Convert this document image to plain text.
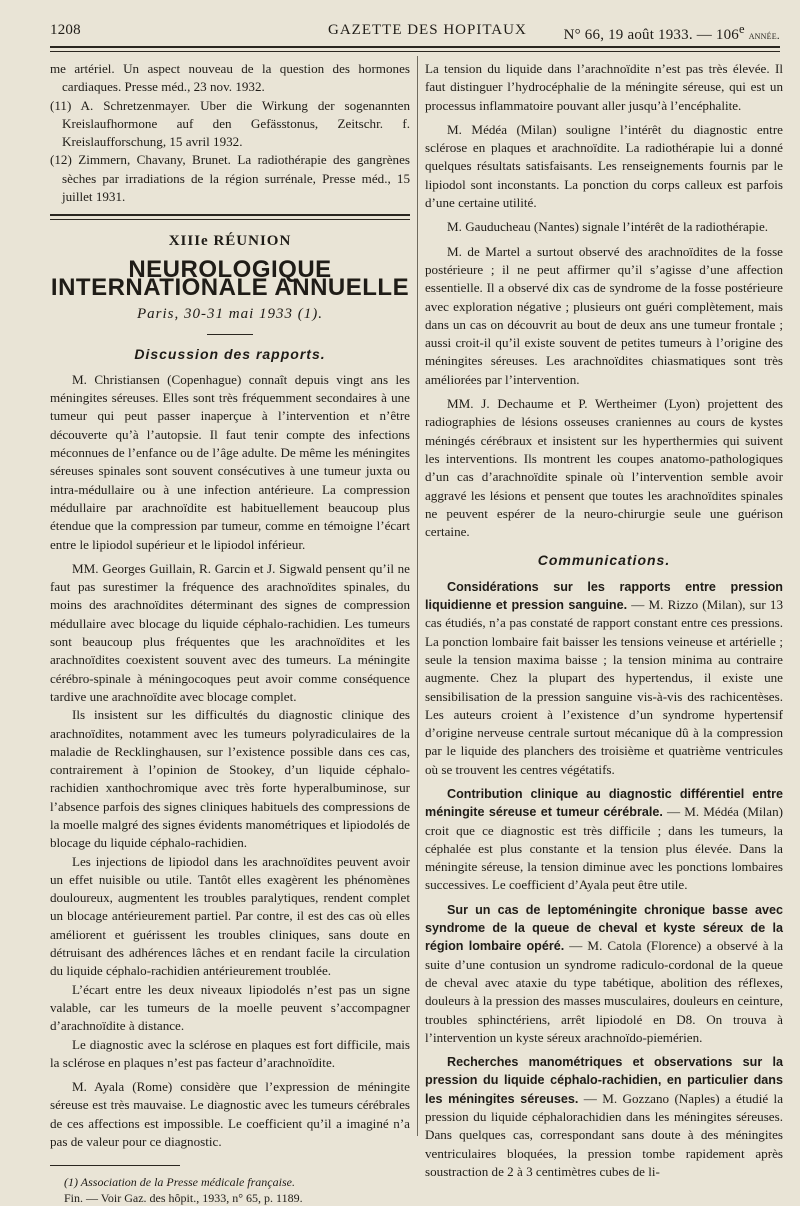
1208	GAZETTE DES HOPITAUX N° 66, 19 août 1933. — 106e année.

me artériel. Un aspect nouveau de la question des hormones cardiaques. Presse méd., 23 nov. 1932.

(11) A. Schretzenmayer. Uber die Wirkung der sogenannten Kreislaufhormone auf den Gefässtonus, Zeitschr. f. Kreislaufforschung, 15 avril 1932.

(12) Zimmern, Chavany, Brunet. La radiothérapie des gangrènes sèches par irradiations de la région surrénale, Presse méd., 15 juillet 1931.

XIIIe RÉUNION
NEUROLOGIQUE INTERNATIONALE ANNUELLE
Paris, 30-31 mai 1933 (1).
Discussion des rapports.

M. Christiansen (Copenhague) connaît depuis vingt ans les méningites séreuses. Elles sont très fréquemment secondaires à une tumeur qui peut passer inaperçue à l’intervention et n’être découverte qu’à l’autopsie. Il faut tenir compte des infections méconnues de l’enfance ou de l’âge adulte. De même les méningites séreuses spinales sont souvent consécutives à une tumeur juxta ou intra-médullaire ou à une infection antérieure. La compression médullaire par arachnoïdite est habituellement beaucoup plus étendue que la compression par tumeur, comme en témoigne l’écart entre le lipiodol supérieur et le lipiodol inférieur.

MM. Georges Guillain, R. Garcin et J. Sigwald pensent qu’il ne faut pas surestimer la fréquence des arachnoïdites spinales, du moins des arachnoïdites déterminant des signes de compression médullaire avec blocage du liquide céphalo-rachidien. Les tumeurs sont beaucoup plus fréquentes que les arachnoïdites et les arachnoïdites coexistent souvent avec des tumeurs. La méningite cérébro-spinale à méningocoques peut avoir comme conséquence tardive une arachnoïdite avec blocage complet.

Ils insistent sur les difficultés du diagnostic clinique des arachnoïdites, notamment avec les tumeurs polyradiculaires de la maladie de Recklinghausen, sur l’existence possible dans ces cas, contrairement à l’opinion de Stookey, d’un liquide céphalo-rachidien xanthochromique avec très forte hyperalbuminose, sur l’absence parfois des signes cliniques habituels des compressions de la moelle malgré des signes évidents manométriques et lipiodolés de blocage du liquide céphalo-rachidien.

Les injections de lipiodol dans les arachnoïdites peuvent avoir un effet nuisible ou utile. Tantôt elles exagèrent les phénomènes douloureux, augmentent les troubles paralytiques, rendent complet un blocage antérieurement partiel. Par contre, il est des cas où elles améliorent et guérissent les troubles cliniques, sans doute en détruisant des adhérences lâches et en rendant facile la circulation du liquide céphalo-rachidien antérieurement troublée.

L’écart entre les deux niveaux lipiodolés n’est pas un signe valable, car les tumeurs de la moelle peuvent s’accompagner d’arachnoïdite à distance.

Le diagnostic avec la sclérose en plaques est fort difficile, mais la sclérose en plaques n’est pas facteur d’arachnoïdite.

M. Ayala (Rome) considère que l’expression de méningite séreuse est très mauvaise. Le diagnostic avec les tumeurs cérébrales de ces affections est impossible. Le coefficient qu’il a imaginé n’a pas de valeur pour ce diagnostic.

(1) Association de la Presse médicale française.

Fin. — Voir Gaz. des hôpit., 1933, n° 65, p. 1189.

La tension du liquide dans l’arachnoïdite n’est pas très élevée. Il faut distinguer l’hydrocéphalie de la méningite séreuse, qui est un processus inflammatoire pouvant aller jusqu’à l’encéphalite.

M. Médéa (Milan) souligne l’intérêt du diagnostic entre sclérose en plaques et arachnoïdite. La radiothérapie lui a donné quelques résultats satisfaisants. Les renseignements fournis par le lipiodol sont inconstants. La ponction du corps calleux est parfois d’une certaine utilité.

M. Gauducheau (Nantes) signale l’intérêt de la radiothérapie.

M. de Martel a surtout observé des arachnoïdites de la fosse postérieure ; il ne peut affirmer qu’il s’agisse d’une affection essentielle. Il a observé dix cas de syndrome de la fosse postérieure avec exploration négative ; plusieurs ont guéri complètement, mais dans un cas on découvrit au bout de deux ans une tumeur frontale ; aussi croit-il qu’il existe souvent de petites tumeurs à l’origine des méningites séreuses. Les arachnoïdites chiasmatiques sont très améliorées par l’intervention.

MM. J. Dechaume et P. Wertheimer (Lyon) projettent des radiographies de lésions osseuses craniennes au cours de kystes méningés cérébraux et insistent sur les hyperthermies qui suivent les interventions. Ils montrent les coupes anatomo-pathologiques d’un cas d’arachnoïdite spinale où l’intervention semble avoir aggravé les lésions et pensent que toutes les arachnoïdites spinales ne peuvent espérer de la neuro-chirurgie seule une guérison certaine.

Communications.

Considérations sur les rapports entre pression liquidienne et pression sanguine. — M. Rizzo (Milan), sur 13 cas étudiés, n’a pas constaté de rapport constant entre ces pressions. La ponction lombaire fait baisser les tensions veineuse et artérielle ; seule la tension maxima baisse ; la tension minima au contraire augmente. Chez la plupart des hypertendus, il existe une sensibilisation de la pression sanguine vis-à-vis des rachicentèses. Les auteurs croient à l’existence d’un syndrome hypertensif d’origine nerveuse centrale surtout mécanique dû à la compression par le liquide des planchers des troisième et quatrième ventricules où se trouvent les centres végétatifs.

Contribution clinique au diagnostic différentiel entre méningite séreuse et tumeur cérébrale. — M. Médéa (Milan) croit que ce diagnostic est très difficile ; dans les tumeurs, la céphalée est plus constante et la tension plus élevée. Dans la méningite séreuse, la tension diminue avec les ponctions lombaires successives. Le coefficient d’Ayala peut être utile.

Sur un cas de leptoméningite chronique basse avec syndrome de la queue de cheval et kyste séreux de la région lombaire opéré. — M. Catola (Florence) a observé à la suite d’une contusion un syndrome radiculo-cordonal de la queue de cheval avec ataxie du type tabétique, abolition des réflexes, douleurs à la pression des masses musculaires, douleurs en ceinture, troubles sphinctériens, arrêt lipiodolé en D8. On trouva à l’intervention un kyste séreux arachnoïdo-piemérien.

Recherches manométriques et observations sur la pression du liquide céphalo-rachidien, en particulier dans les méningites séreuses. — M. Gozzano (Naples) a étudié la pression du liquide céphalorachidien dans les méningites séreuses. Dans quelques cas, correspondant sans doute à des méningites ventriculaires bloquées, la pression tombe rapidement après soustraction de 2 à 3 centimètres cubes de li-
